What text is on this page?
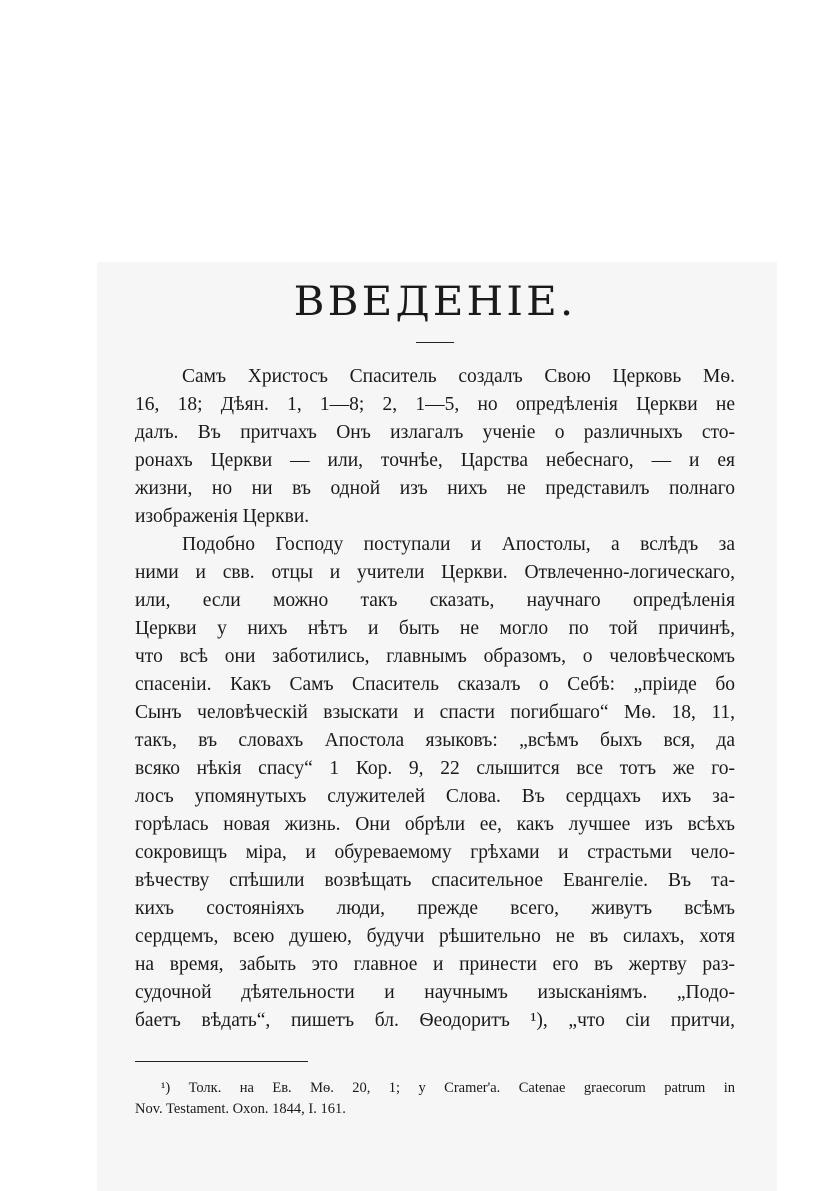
ВВЕДЕНІЕ.
Самъ Христосъ Спаситель создалъ Свою Церковь Мѳ.
16, 18; Дѣян. 1, 1—8; 2, 1—5, но опредѣленія Церкви не
далъ. Въ притчахъ Онъ излагалъ ученіе о различныхъ сто-
ронахъ Церкви — или, точнѣе, Царства небеснаго, — и ея
жизни, но ни въ одной изъ нихъ не представилъ полнаго
изображенія Церкви.
Подобно Господу поступали и Апостолы, а вслѣдъ за
ними и свв. отцы и учители Церкви. Отвлеченно-логическаго,
или, если можно такъ сказать, научнаго опредѣленія
Церкви у нихъ нѣтъ и быть не могло по той причинѣ,
что всѣ они заботились, главнымъ образомъ, о человѣческомъ
спасеніи. Какъ Самъ Спаситель сказалъ о Себѣ: „пріиде бо
Сынъ человѣческій взыскати и спасти погибшаго“ Мѳ. 18, 11,
такъ, въ словахъ Апостола языковъ: „всѣмъ быхъ вся, да
всяко нѣкія спасу“ 1 Кор. 9, 22 слышится все тотъ же го-
лосъ упомянутыхъ служителей Слова. Въ сердцахъ ихъ за-
горѣлась новая жизнь. Они обрѣли ее, какъ лучшее изъ всѣхъ
сокровищъ міра, и обуреваемому грѣхами и страстьми чело-
вѣчеству спѣшили возвѣщать спасительное Евангеліе. Въ та-
кихъ состояніяхъ люди, прежде всего, живутъ всѣмъ
сердцемъ, всею душею, будучи рѣшительно не въ силахъ, хотя
на время, забыть это главное и принести его въ жертву раз-
судочной дѣятельности и научнымъ изысканіямъ. „Подо-
баетъ вѣдать“, пишетъ бл. Ѳеодоритъ ¹), „что сіи притчи,
¹) Толк. на Ев. Мѳ. 20, 1; у Cramer'a. Catenae graecorum patrum in
Nov. Testament. Oxon. 1844, I. 161.
